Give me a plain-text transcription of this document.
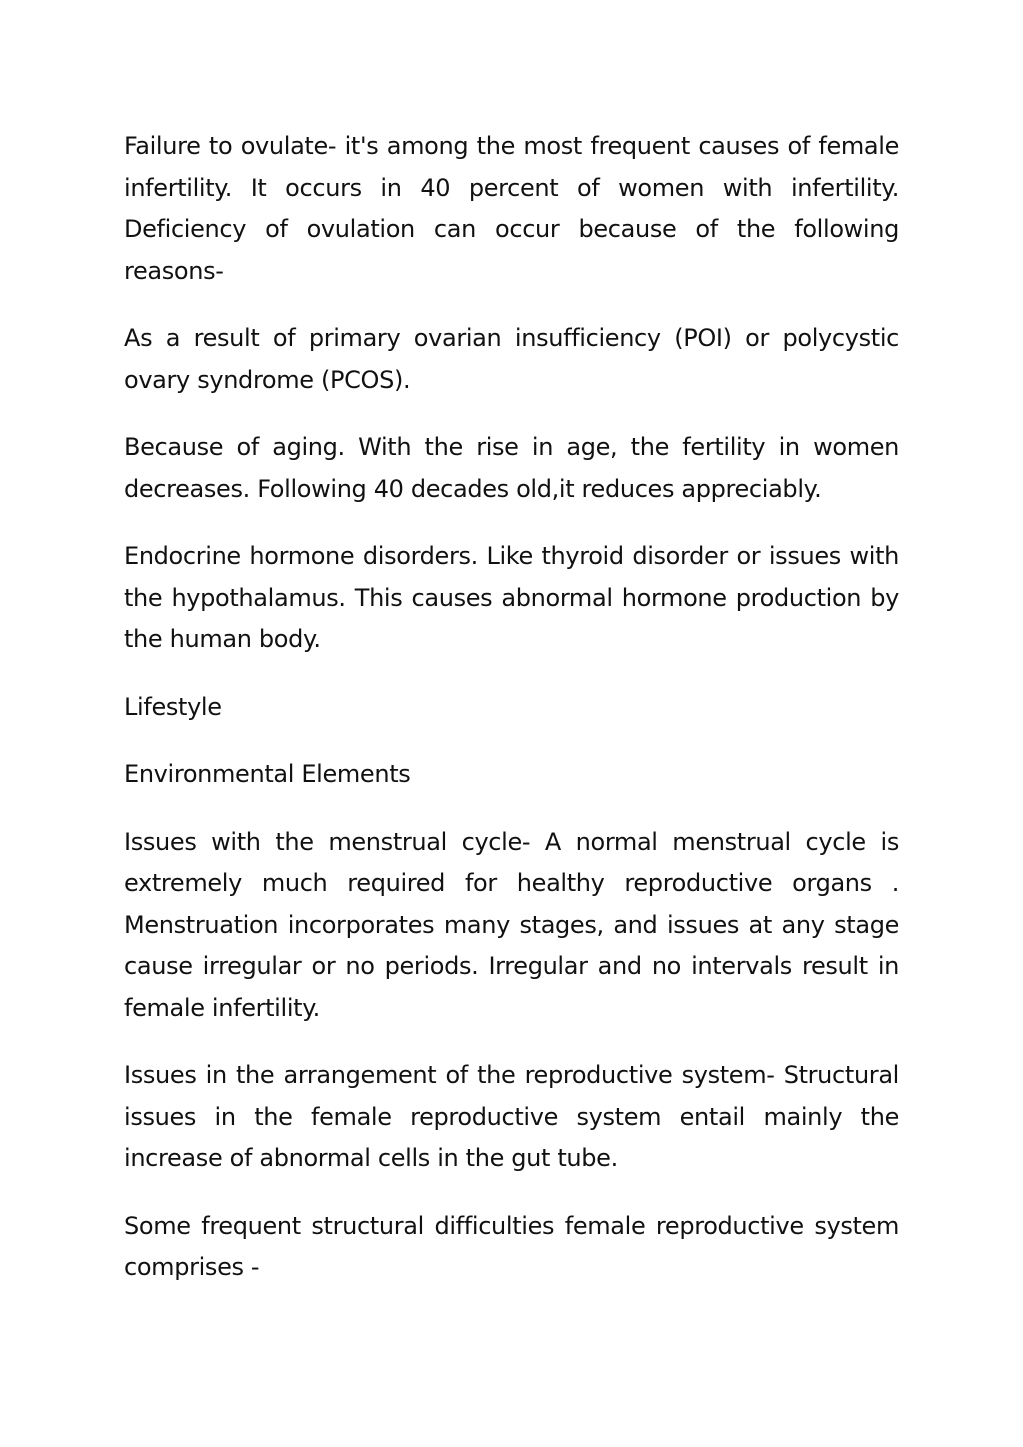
Failure to ovulate- it's among the most frequent causes of female infertility. It occurs in 40 percent of women with infertility. Deficiency of ovulation can occur because of the following reasons-

As a result of primary ovarian insufficiency (POI) or polycystic ovary syndrome (PCOS).

Because of aging. With the rise in age, the fertility in women decreases. Following 40 decades old,it reduces appreciably.

Endocrine hormone disorders. Like thyroid disorder or issues with the hypothalamus. This causes abnormal hormone production by the human body.

Lifestyle

Environmental Elements

Issues with the menstrual cycle- A normal menstrual cycle is extremely much required for healthy reproductive organs . Menstruation incorporates many stages, and issues at any stage cause irregular or no periods. Irregular and no intervals result in female infertility.

Issues in the arrangement of the reproductive system- Structural issues in the female reproductive system entail mainly the increase of abnormal cells in the gut tube.

Some frequent structural difficulties female reproductive system comprises -
